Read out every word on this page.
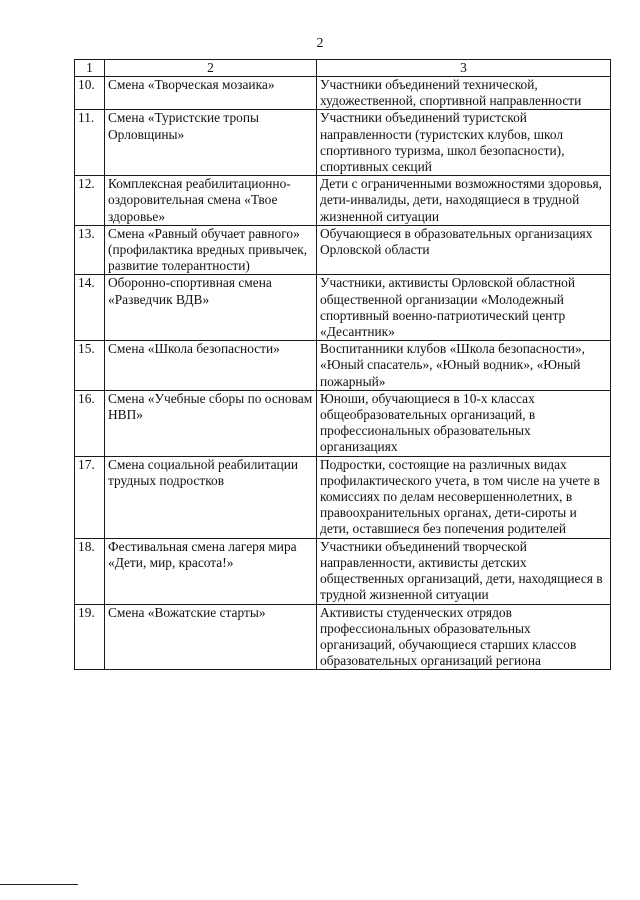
2
1	2	3
10.	Смена «Творческая мозаика»	Участники объединений технической, художественной, спортивной направленности
11.	Смена «Туристские тропы Орловщины»	Участники объединений туристской направленности (туристских клубов, школ спортивного туризма, школ безопасности), спортивных секций
12.	Комплексная реабилитационно-оздоровительная смена «Твое здоровье»	Дети с ограниченными возможностями здоровья, дети-инвалиды, дети, находящиеся в трудной жизненной ситуации
13.	Смена «Равный обучает равного» (профилактика вредных привычек, развитие толерантности)	Обучающиеся в образовательных организациях Орловской области
14.	Оборонно-спортивная смена «Разведчик ВДВ»	Участники, активисты Орловской областной общественной организации «Молодежный спортивный военно-патриотический центр «Десантник»
15.	Смена «Школа безопасности»	Воспитанники клубов «Школа безопасности», «Юный спасатель», «Юный водник», «Юный пожарный»
16.	Смена «Учебные сборы по основам НВП»	Юноши, обучающиеся в 10-х классах общеобразовательных организаций, в профессиональных образовательных организациях
17.	Смена социальной реабилитации трудных подростков	Подростки, состоящие на различных видах профилактического учета, в том числе на учете в комиссиях по делам несовершеннолетних, в правоохранительных органах, дети-сироты и дети, оставшиеся без попечения родителей
18.	Фестивальная смена лагеря мира «Дети, мир, красота!»	Участники объединений творческой направленности, активисты детских общественных организаций, дети, находящиеся в трудной жизненной ситуации
19.	Смена «Вожатские старты»	Активисты студенческих отрядов профессиональных образовательных организаций, обучающиеся старших классов образовательных организаций региона
